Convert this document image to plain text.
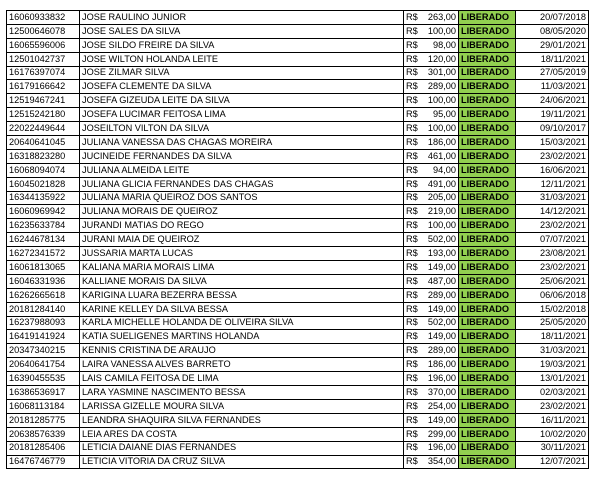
16060933832	JOSE RAULINO JUNIOR	R$ 263,00	LIBERADO	20/07/2018
12500646078	JOSE SALES DA SILVA	R$ 100,00	LIBERADO	08/05/2020
16065596006	JOSE SILDO FREIRE DA SILVA	R$ 98,00	LIBERADO	29/01/2021
12501042737	JOSE WILTON HOLANDA LEITE	R$ 120,00	LIBERADO	18/11/2021
16176397074	JOSE ZILMAR SILVA	R$ 301,00	LIBERADO	27/05/2019
16179166642	JOSEFA CLEMENTE DA SILVA	R$ 289,00	LIBERADO	11/03/2021
12519467241	JOSEFA GIZEUDA LEITE DA SILVA	R$ 100,00	LIBERADO	24/06/2021
12515242180	JOSEFA LUCIMAR FEITOSA LIMA	R$ 95,00	LIBERADO	19/11/2021
22022449644	JOSEILTON VILTON DA SILVA	R$ 100,00	LIBERADO	09/10/2017
20640641045	JULIANA VANESSA DAS CHAGAS MOREIRA	R$ 186,00	LIBERADO	15/03/2021
16318823280	JUCINEIDE FERNANDES DA SILVA	R$ 461,00	LIBERADO	23/02/2021
16068094074	JULIANA ALMEIDA LEITE	R$ 94,00	LIBERADO	16/06/2021
16045021828	JULIANA GLICIA FERNANDES DAS CHAGAS	R$ 491,00	LIBERADO	12/11/2021
16344135922	JULIANA MARIA QUEIROZ DOS SANTOS	R$ 205,00	LIBERADO	31/03/2021
16060969942	JULIANA MORAIS DE QUEIROZ	R$ 219,00	LIBERADO	14/12/2021
16235633784	JURANDI MATIAS DO REGO	R$ 100,00	LIBERADO	23/02/2021
16244678134	JURANI MAIA DE QUEIROZ	R$ 502,00	LIBERADO	07/07/2021
16272341572	JUSSARIA MARTA LUCAS	R$ 193,00	LIBERADO	23/08/2021
16061813065	KALIANA MARIA MORAIS LIMA	R$ 149,00	LIBERADO	23/02/2021
16046331936	KALLIANE MORAIS DA SILVA	R$ 487,00	LIBERADO	25/06/2021
16262665618	KARIGINA LUARA BEZERRA BESSA	R$ 289,00	LIBERADO	06/06/2018
20181284140	KARINE KELLEY DA SILVA BESSA	R$ 149,00	LIBERADO	15/02/2018
16237988093	KARLA MICHELLE HOLANDA DE OLIVEIRA SILVA	R$ 502,00	LIBERADO	25/05/2020
16419141924	KATIA SUELIGENES MARTINS HOLANDA	R$ 149,00	LIBERADO	18/11/2021
20347340215	KENNIS CRISTINA DE ARAUJO	R$ 289,00	LIBERADO	31/03/2021
20640641754	LAIRA VANESSA ALVES BARRETO	R$ 186,00	LIBERADO	19/03/2021
16390455535	LAIS CAMILA FEITOSA DE LIMA	R$ 196,00	LIBERADO	13/01/2021
16386536917	LARA YASMINE NASCIMENTO BESSA	R$ 370,00	LIBERADO	02/03/2021
16068113184	LARISSA GIZELLE MOURA SILVA	R$ 254,00	LIBERADO	23/02/2021
20181285775	LEANDRA SHAQUIRA SILVA FERNANDES	R$ 149,00	LIBERADO	16/11/2021
20638576339	LEIA ARES DA COSTA	R$ 299,00	LIBERADO	10/02/2020
20181285406	LETICIA DAIANE DIAS FERNANDES	R$ 196,00	LIBERADO	30/11/2021
16476746779	LETICIA VITORIA DA CRUZ SILVA	R$ 354,00	LIBERADO	12/07/2021
